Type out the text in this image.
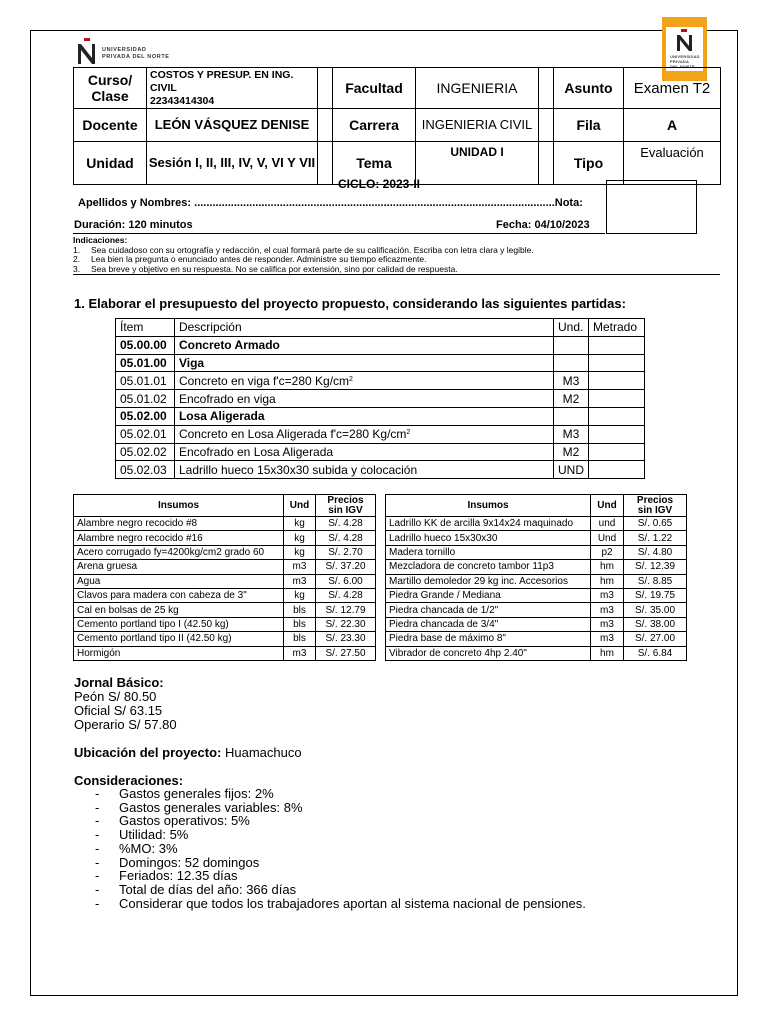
UNIVERSIDAD
PRIVADA DEL NORTE	UNIVERSIDAD
PRIVADA
DEL NORTE
Curso/ Clase	COSTOS Y PRESUP. EN ING.
CIVIL
22343414304		Facultad	INGENIERIA		Asunto	Examen T2
Docente	LEÓN VÁSQUEZ DENISE		Carrera	INGENIERIA CIVIL		Fila	A
Unidad	Sesión I, II, III, IV, V, VI Y VII		Tema	UNIDAD I		Tipo	Evaluación
CICLO: 2023-II
Apellidos y Nombres: ......................................................................................................................Nota:
Duración: 120 minutos	Fecha: 04/10/2023
Indicaciones:
1. Sea cuidadoso con su ortografía y redacción, el cual formará parte de su calificación. Escriba con letra clara y legible.
2. Lea bien la pregunta o enunciado antes de responder. Administre su tiempo eficazmente.
3. Sea breve y objetivo en su respuesta. No se califica por extensión, sino por calidad de respuesta.
1. Elaborar el presupuesto del proyecto propuesto, considerando las siguientes partidas:
Ítem	Descripción	Und.	Metrado
05.00.00	Concreto Armado		
05.01.00	Viga		
05.01.01	Concreto en viga f'c=280 $Kg/cm^2$	M3	
05.01.02	Encofrado en viga	M2	
05.02.00	Losa Aligerada		
05.02.01	Concreto en Losa Aligerada f'c=280 $Kg/cm^2$	M3	
05.02.02	Encofrado en Losa Aligerada	M2	
05.02.03	Ladrillo hueco 15x30x30 subida y colocación	UND	
Insumos	Und	Precios
sin IGV

Alambre negro recocido #8	kg	S/. 4.28
Alambre negro recocido #16	kg	S/. 4.28
Acero corrugado fy=4200kg/cm2 grado 60	kg	S/. 2.70
Arena gruesa	m3	S/. 37.20
Agua	m3	S/. 6.00
Clavos para madera con cabeza de 3"	kg	S/. 4.28
Cal en bolsas de 25 kg	bls	S/. 12.79
Cemento portland tipo I (42.50 kg)	bls	S/. 22.30
Cemento portland tipo II (42.50 kg)	bls	S/. 23.30
Hormigón	m3	S/. 27.50
Insumos	Und	Precios
sin IGV

Ladrillo KK de arcilla 9x14x24 maquinado	und	S/. 0.65
Ladrillo hueco 15x30x30	Und	S/. 1.22
Madera tornillo	p2	S/. 4.80
Mezcladora de concreto tambor 11p3	hm	S/. 12.39
Martillo demoledor 29 kg inc. Accesorios	hm	S/. 8.85
Piedra Grande / Mediana	m3	S/. 19.75
Piedra chancada de 1/2"	m3	S/. 35.00
Piedra chancada de 3/4"	m3	S/. 38.00
Piedra base de máximo 8"	m3	S/. 27.00
Vibrador de concreto 4hp 2.40"	hm	S/. 6.84
Jornal Básico:
Peón S/ 80.50
Oficial S/ 63.15
Operario S/ 57.80
Ubicación del proyecto: Huamachuco
Consideraciones:
- Gastos generales fijos: 2%
- Gastos generales variables: 8%
- Gastos operativos: 5%
- Utilidad: 5%
- %MO: 3%
- Domingos: 52 domingos
- Feriados: 12.35 días
- Total de días del año: 366 días
- Considerar que todos los trabajadores aportan al sistema nacional de pensiones.
